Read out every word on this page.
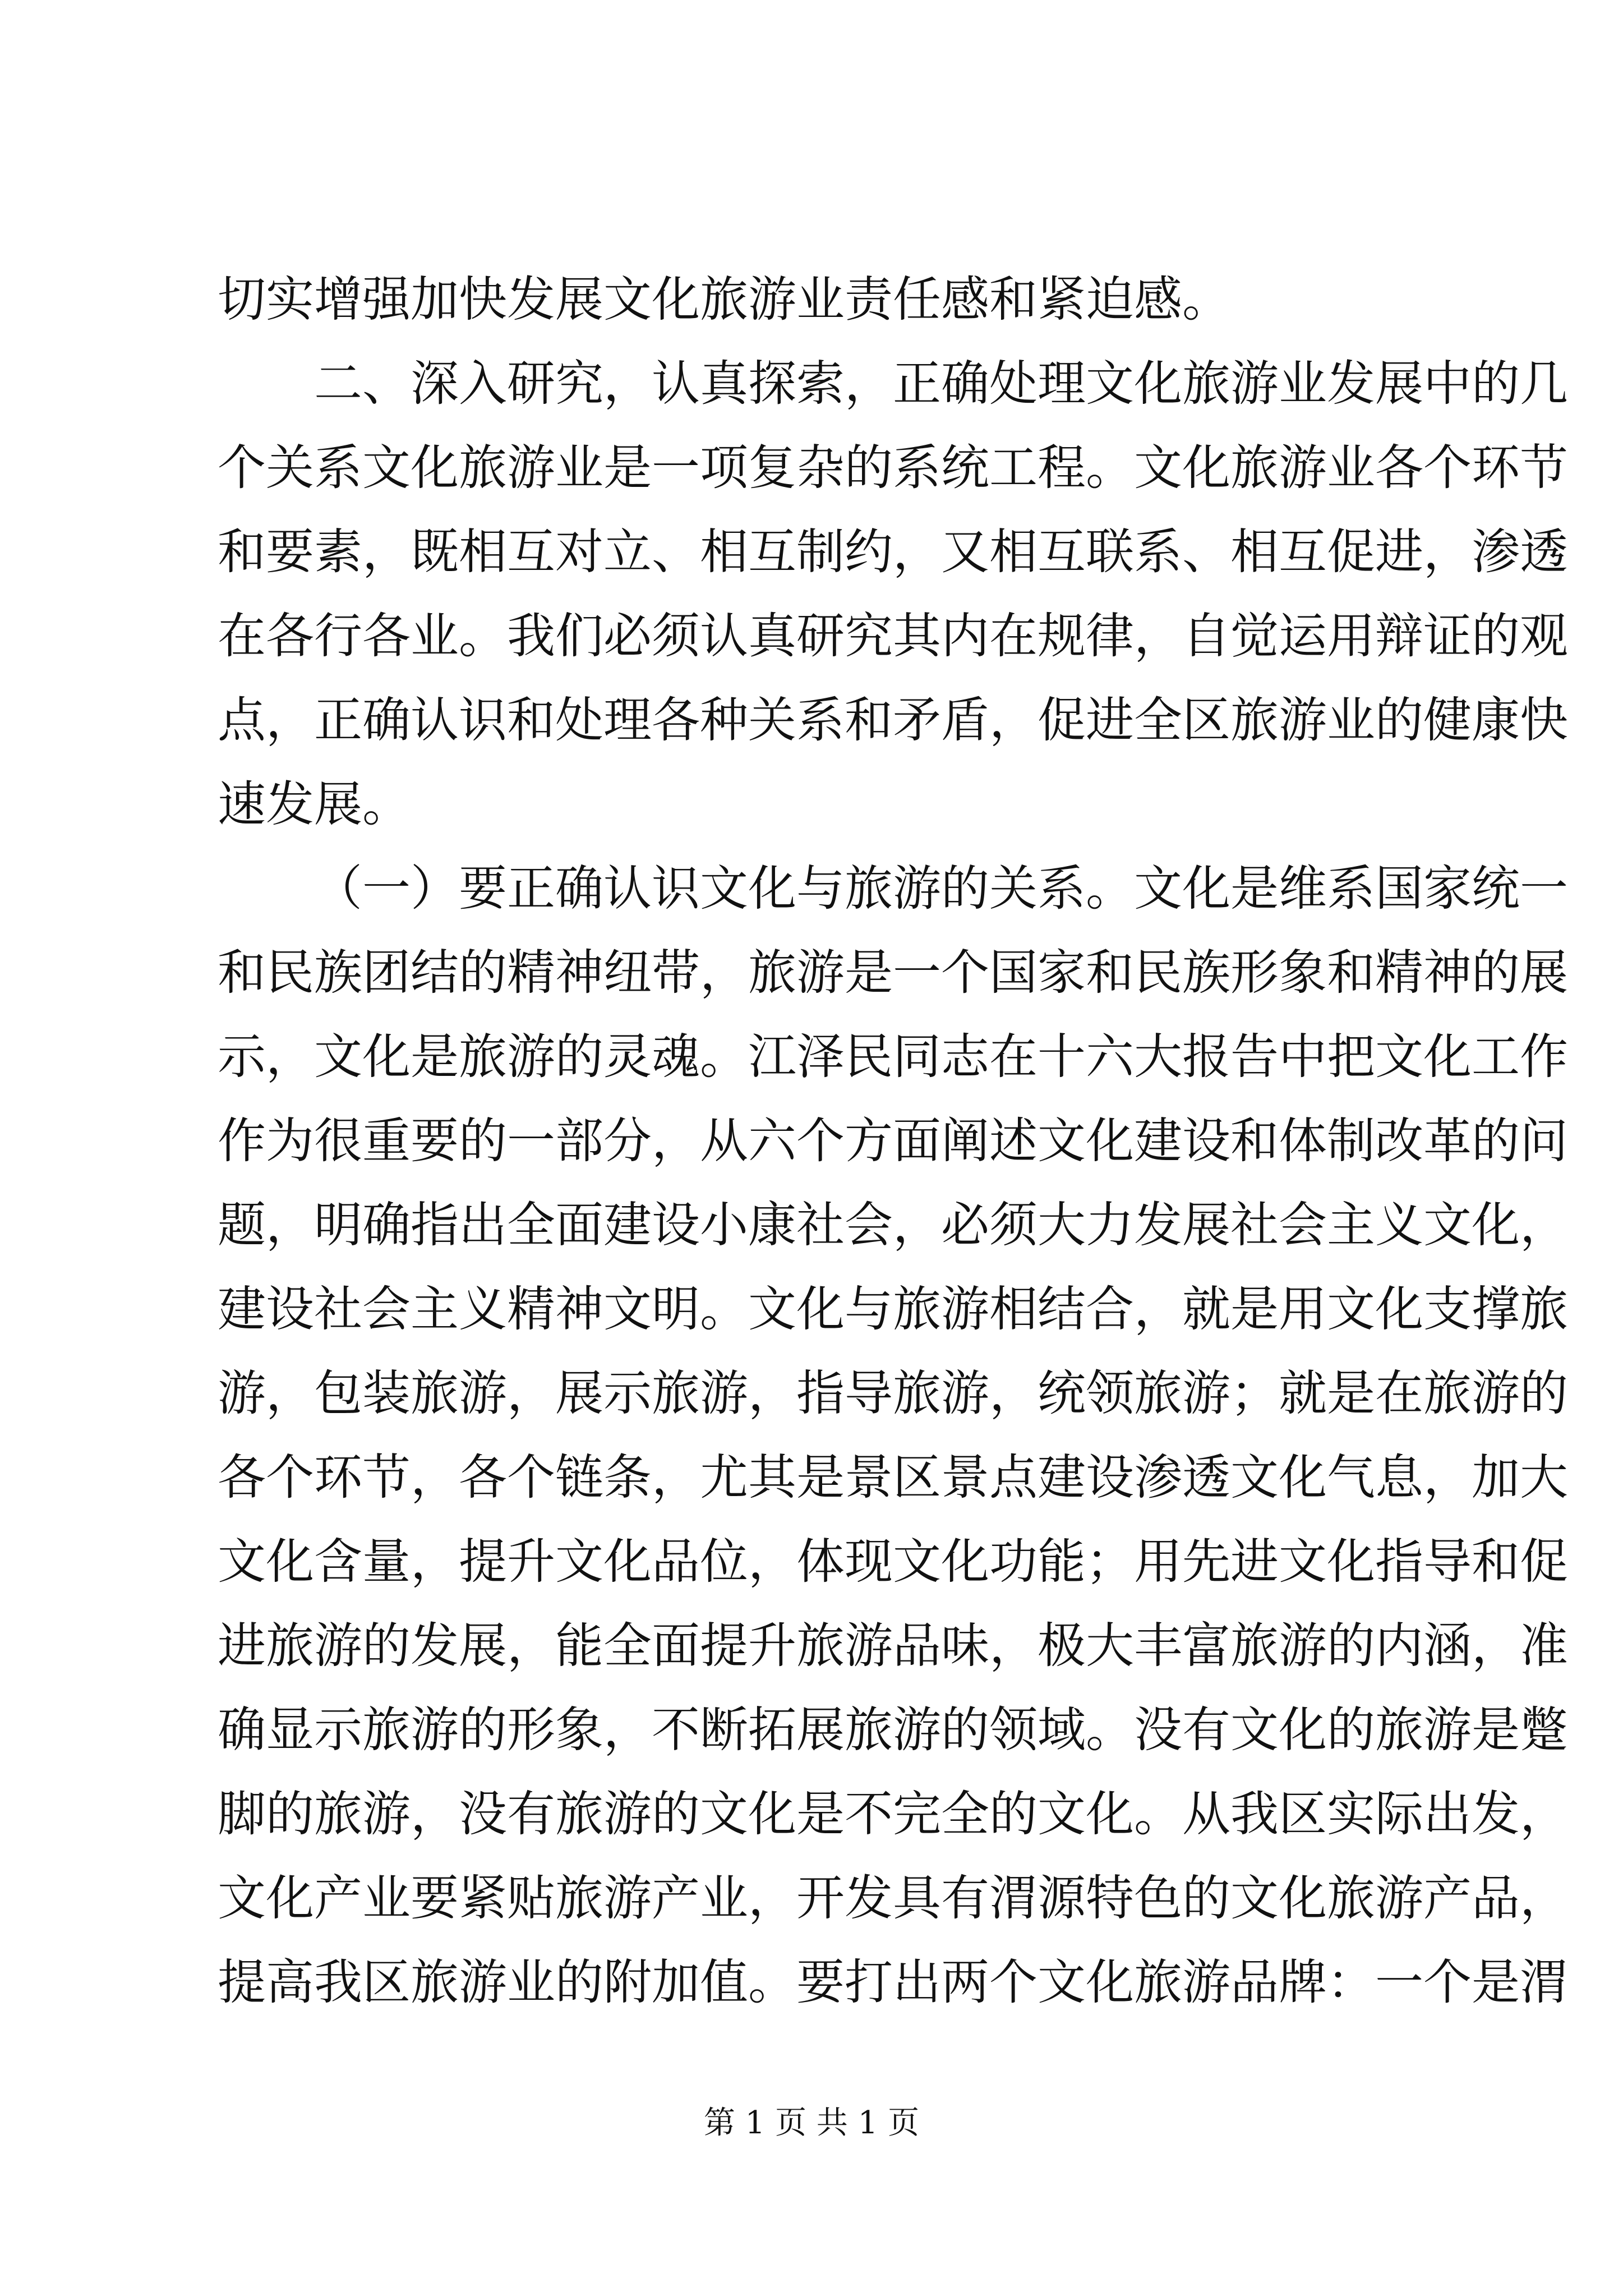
切实增强加快发展文化旅游业责任感和紧迫感。
二、深入研究，认真探索，正确处理文化旅游业发展中的几
个关系文化旅游业是一项复杂的系统工程。文化旅游业各个环节
和要素，既相互对立、相互制约，又相互联系、相互促进，渗透
在各行各业。我们必须认真研究其内在规律，自觉运用辩证的观
点，正确认识和处理各种关系和矛盾，促进全区旅游业的健康快
速发展。
（一）要正确认识文化与旅游的关系。文化是维系国家统一
和民族团结的精神纽带，旅游是一个国家和民族形象和精神的展
示，文化是旅游的灵魂。江泽民同志在十六大报告中把文化工作
作为很重要的一部分，从六个方面阐述文化建设和体制改革的问
题，明确指出全面建设小康社会，必须大力发展社会主义文化，
建设社会主义精神文明。文化与旅游相结合，就是用文化支撑旅
游，包装旅游，展示旅游，指导旅游，统领旅游；就是在旅游的
各个环节，各个链条，尤其是景区景点建设渗透文化气息，加大
文化含量，提升文化品位，体现文化功能；用先进文化指导和促
进旅游的发展，能全面提升旅游品味，极大丰富旅游的内涵，准
确显示旅游的形象，不断拓展旅游的领域。没有文化的旅游是蹩
脚的旅游，没有旅游的文化是不完全的文化。从我区实际出发，
文化产业要紧贴旅游产业，开发具有渭源特色的文化旅游产品，
提高我区旅游业的附加值。要打出两个文化旅游品牌：一个是渭
第 1 页 共 1 页
